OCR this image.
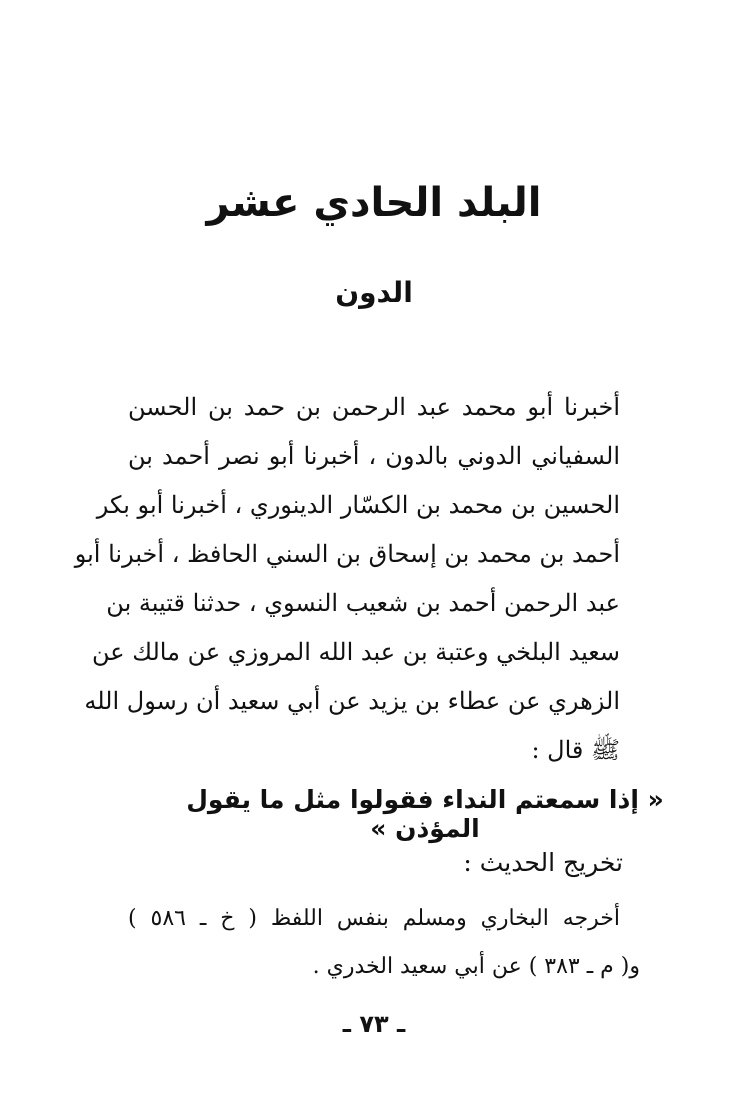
البلد الحادي عشر
الدون
أخبرنا أبو محمد عبد الرحمن بن حمد بن الحسن
السفياني الدوني بالدون ، أخبرنا أبو نصر أحمد بن
الحسين بن محمد بن الكسّار الدينوري ، أخبرنا أبو بكر
أحمد بن محمد بن إسحاق بن السني الحافظ ، أخبرنا أبو
عبد الرحمن أحمد بن شعيب النسوي ، حدثنا قتيبة بن
سعيد البلخي وعتبة بن عبد الله المروزي عن مالك عن
الزهري عن عطاء بن يزيد عن أبي سعيد أن رسول الله
ﷺ قال :
« إذا سمعتم النداء فقولوا مثل ما يقول المؤذن »
تخريج الحديث :
أخرجه البخاري ومسلم بنفس اللفظ ( خ ـ ٥٨٦ )
و( م ـ ٣٨٣ ) عن أبي سعيد الخدري .
ـ ٧٣ ـ
